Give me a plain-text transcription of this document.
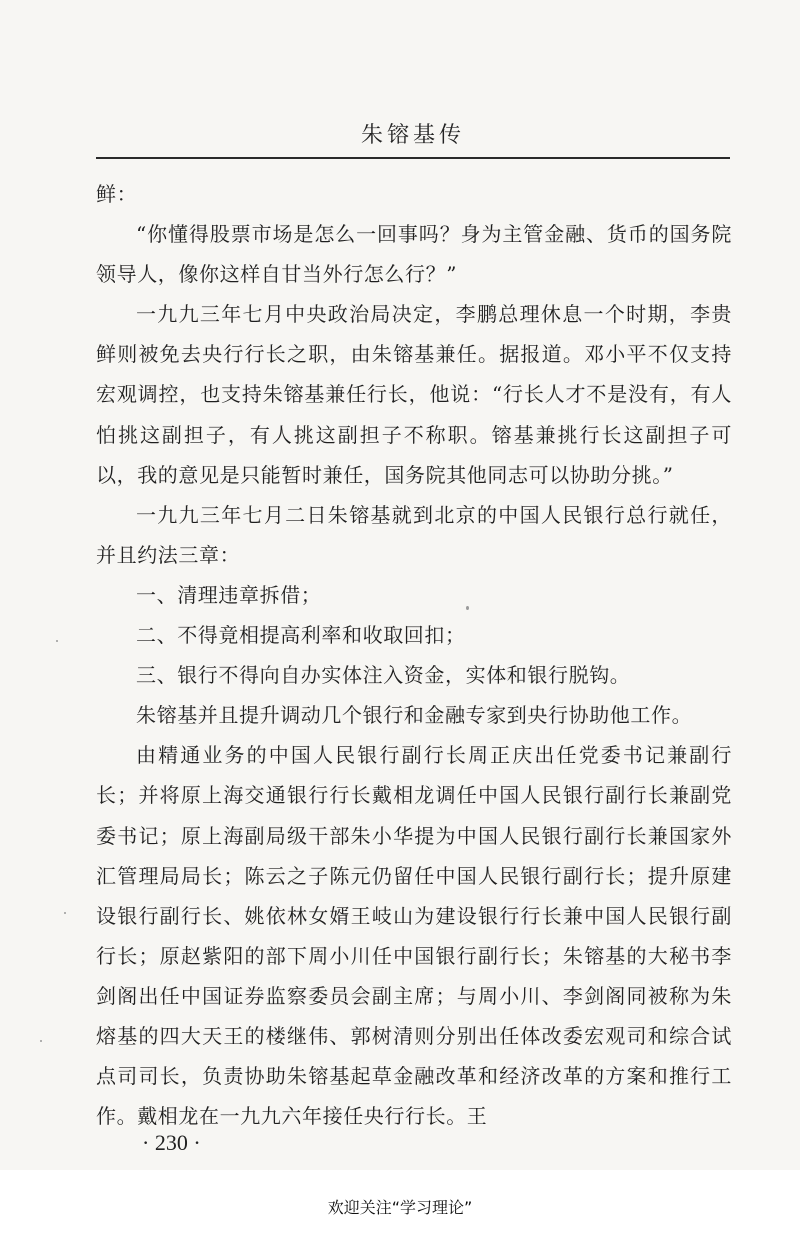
朱镕基传

鲜：

“你懂得股票市场是怎么一回事吗？身为主管金融、货币的国务院领导人，像你这样自甘当外行怎么行？”

一九九三年七月中央政治局决定，李鹏总理休息一个时期，李贵鲜则被免去央行行长之职，由朱镕基兼任。据报道。邓小平不仅支持宏观调控，也支持朱镕基兼任行长，他说：“行长人才不是没有，有人怕挑这副担子，有人挑这副担子不称职。镕基兼挑行长这副担子可以，我的意见是只能暂时兼任，国务院其他同志可以协助分挑。”

一九九三年七月二日朱镕基就到北京的中国人民银行总行就任，并且约法三章：

一、清理违章拆借；

二、不得竟相提高利率和收取回扣；

三、银行不得向自办实体注入资金，实体和银行脱钩。

朱镕基并且提升调动几个银行和金融专家到央行协助他工作。

由精通业务的中国人民银行副行长周正庆出任党委书记兼副行长；并将原上海交通银行行长戴相龙调任中国人民银行副行长兼副党委书记；原上海副局级干部朱小华提为中国人民银行副行长兼国家外汇管理局局长；陈云之子陈元仍留任中国人民银行副行长；提升原建设银行副行长、姚依林女婿王岐山为建设银行行长兼中国人民银行副行长；原赵紫阳的部下周小川任中国银行副行长；朱镕基的大秘书李剑阁出任中国证券监察委员会副主席；与周小川、李剑阁同被称为朱熔基的四大天王的楼继伟、郭树清则分别出任体改委宏观司和综合试点司司长，负责协助朱镕基起草金融改革和经济改革的方案和推行工作。戴相龙在一九九六年接任央行行长。王

· 230 ·
欢迎关注“学习理论”
